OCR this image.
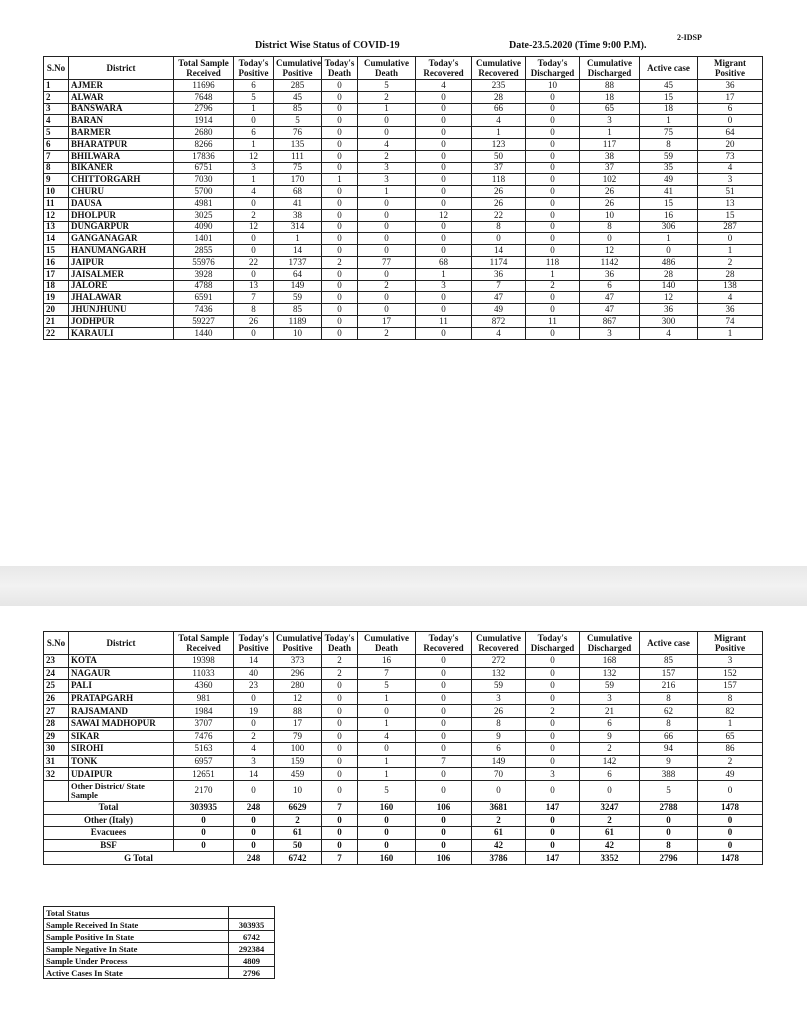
2-IDSP
District Wise Status of COVID-19	Date-23.5.2020 (Time 9:00 P.M).
S.No	District	Total Sample Received	Today's Positive	Cumulative Positive	Today's Death	Cumulative Death	Today's Recovered	Cumulative Recovered	Today's Discharged	Cumulative Discharged	Active case	Migrant Positive
1	AJMER	11696	6	285	0	5	4	235	10	88	45	36
2	ALWAR	7648	5	45	0	2	0	28	0	18	15	17
3	BANSWARA	2796	1	85	0	1	0	66	0	65	18	6
4	BARAN	1914	0	5	0	0	0	4	0	3	1	0
5	BARMER	2680	6	76	0	0	0	1	0	1	75	64
6	BHARATPUR	8266	1	135	0	4	0	123	0	117	8	20
7	BHILWARA	17836	12	111	0	2	0	50	0	38	59	73
8	BIKANER	6751	3	75	0	3	0	37	0	37	35	4
9	CHITTORGARH	7030	1	170	1	3	0	118	0	102	49	3
10	CHURU	5700	4	68	0	1	0	26	0	26	41	51
11	DAUSA	4981	0	41	0	0	0	26	0	26	15	13
12	DHOLPUR	3025	2	38	0	0	12	22	0	10	16	15
13	DUNGARPUR	4090	12	314	0	0	0	8	0	8	306	287
14	GANGANAGAR	1401	0	1	0	0	0	0	0	0	1	0
15	HANUMANGARH	2855	0	14	0	0	0	14	0	12	0	1
16	JAIPUR	55976	22	1737	2	77	68	1174	118	1142	486	2
17	JAISALMER	3928	0	64	0	0	1	36	1	36	28	28
18	JALORE	4788	13	149	0	2	3	7	2	6	140	138
19	JHALAWAR	6591	7	59	0	0	0	47	0	47	12	4
20	JHUNJHUNU	7436	8	85	0	0	0	49	0	47	36	36
21	JODHPUR	59227	26	1189	0	17	11	872	11	867	300	74
22	KARAULI	1440	0	10	0	2	0	4	0	3	4	1
S.No	District	Total Sample Received	Today's Positive	Cumulative Positive	Today's Death	Cumulative Death	Today's Recovered	Cumulative Recovered	Today's Discharged	Cumulative Discharged	Active case	Migrant Positive
23	KOTA	19398	14	373	2	16	0	272	0	168	85	3
24	NAGAUR	11033	40	296	2	7	0	132	0	132	157	152
25	PALI	4360	23	280	0	5	0	59	0	59	216	157
26	PRATAPGARH	981	0	12	0	1	0	3	0	3	8	8
27	RAJSAMAND	1984	19	88	0	0	0	26	2	21	62	82
28	SAWAI MADHOPUR	3707	0	17	0	1	0	8	0	6	8	1
29	SIKAR	7476	2	79	0	4	0	9	0	9	66	65
30	SIROHI	5163	4	100	0	0	0	6	0	2	94	86
31	TONK	6957	3	159	0	1	7	149	0	142	9	2
32	UDAIPUR	12651	14	459	0	1	0	70	3	6	388	49
	Other District/ State Sample	2170	0	10	0	5	0	0	0	0	5	0
Total		303935	248	6629	7	160	106	3681	147	3247	2788	1478
Other (Italy)		0	0	2	0	0	0	2	0	2	0	0
Evacuees		0	0	61	0	0	0	61	0	61	0	0
BSF		0	0	50	0	0	0	42	0	42	8	0
G Total			248	6742	7	160	106	3786	147	3352	2796	1478
Total Status	
Sample Received In State	303935
Sample Positive In State	6742
Sample Negative In State	292384
Sample Under Process	4809
Active Cases In State	2796
